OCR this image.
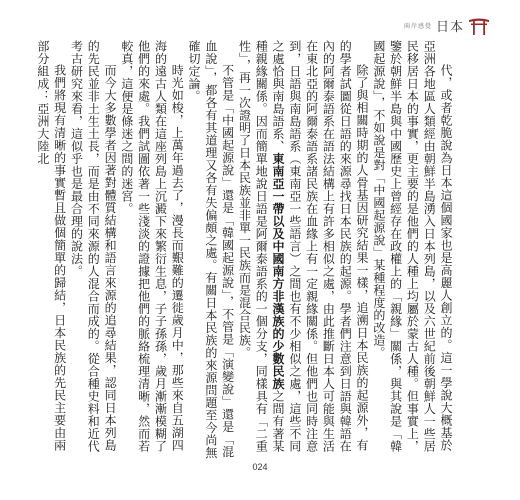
兩岸感覺 日本

代，或者乾脆說為日本這個國家也是高麗人創立的。這一學說大概基於亞洲各地區人類經由朝鮮半島湧入日本列島，以及六世紀前後朝鮮人一些居民移居日本的事實，更主要的是他們的人種上均屬於蒙古人種。但事實上，鑒於朝鮮半島與中國歷史上曾經存在政權上的「親緣」關係，與其說是「韓國起源說」，不如說是對「中國起源說」某種程度的改造。

除了與相關時期的人骨基因研究結果一樣，追溯日本民族的起源外，有的學者試圖從日語的來源尋找日本民族的起源。學者們注意到日語與韓語在內的阿爾泰語系在語法結構上有許多相似之處，由此推斷日本人可能與生活在東北亞的阿爾泰語系諸民族在血緣上有一定親緣關係。但他們也同時注意到，日語與南島語系（東南亞一些語言）之間也有不少相似之處，這些不同之處恰與南島語系、東南亞一帶以及中國南方非漢族的少數民族之間有著某種親緣關係。因而簡單地說日語是阿爾泰語系的一個分支，同樣具有「二重性」，再一次證明了日本民族並非單一民族而是混合民族。

不管是「中國起源說」還是「韓國起源說」，不管是「演變說」還是「混血說」，都各有其道理又各有失偏頗之處。有關日本民族的來源問題至今尚無確切定論。

時光如梭，上萬年過去了，漫長而艱難的遷徙歲月中，那些來自五湖四海的遠古人類在這座列島上沉澱下來繁衍生息，子子孫孫，歲月漸漸模糊了他們的來處。我們試圖依著一些淺淡的證據把他們的脈絡梳理清晰，然而若較真，這便是條迷之間的迷宮。

而今大多數學者因著對體質結構和語言來源的追尋結果，認同日本列島的先民並非土生土長，而是由不同來源的人混合而成的。從合種史料和近代考古研究來看，這似乎也是最合理的說法。

我們將現有清晰的事實暫且做個簡單的歸結，日本民族的先民主要由兩部分組成：亞洲大陸北

024
